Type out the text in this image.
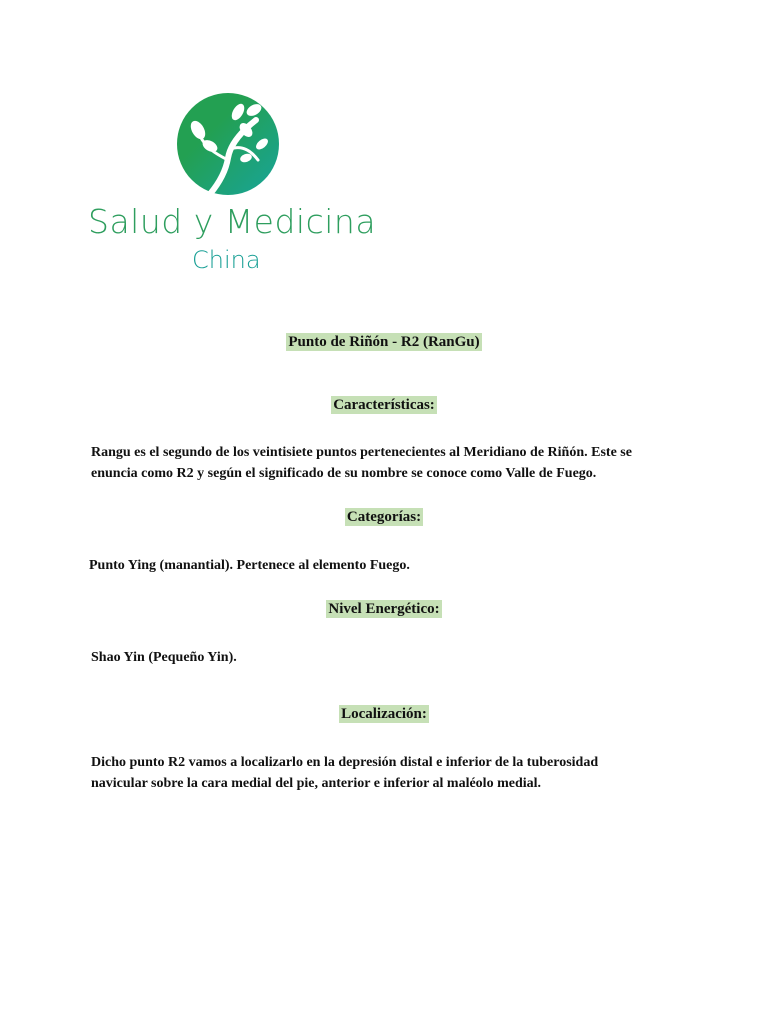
Salud y Medicina
China
Punto de Riñón - R2 (RanGu)
Características:
Rangu es el segundo de los veintisiete puntos pertenecientes al Meridiano de Riñón. Este se
enuncia como R2 y según el significado de su nombre se conoce como Valle de Fuego.
Categorías:
Punto Ying (manantial). Pertenece al elemento Fuego.
Nivel Energético:
Shao Yin (Pequeño Yin).
Localización:
Dicho punto R2 vamos a localizarlo en la depresión distal e inferior de la tuberosidad
navicular sobre la cara medial del pie, anterior e inferior al maléolo medial.
